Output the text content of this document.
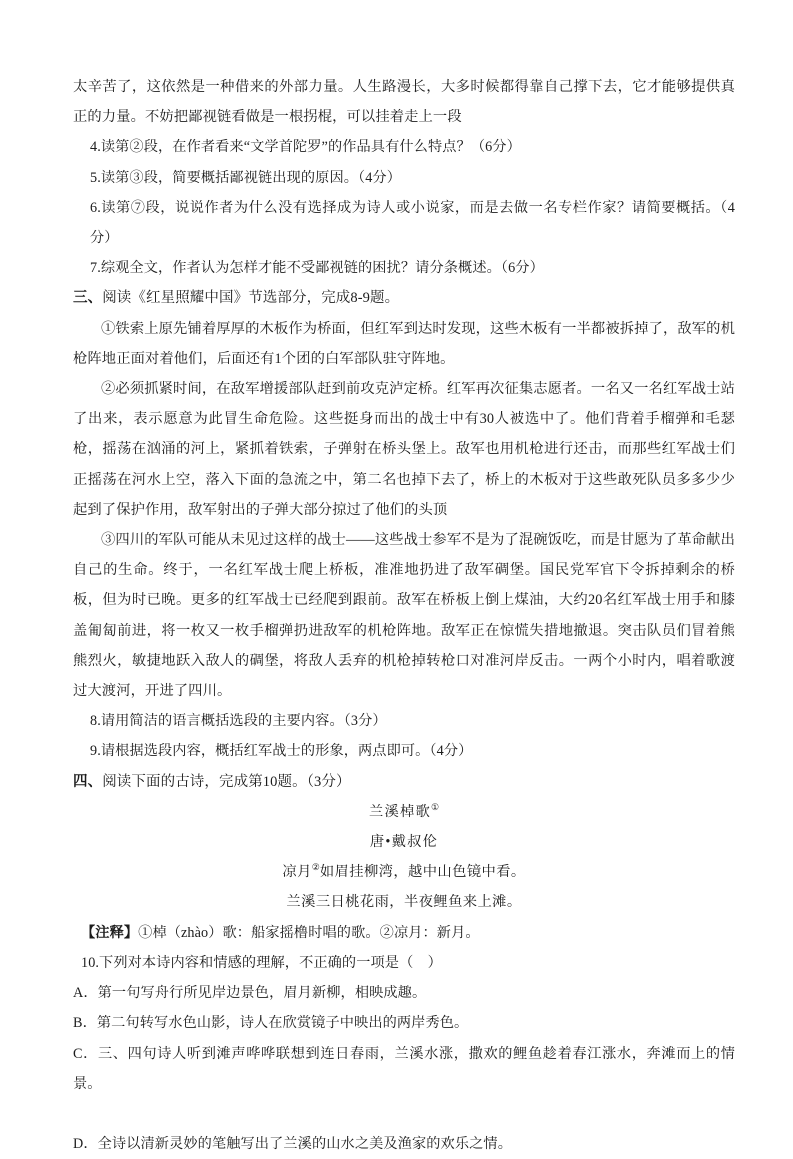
太辛苦了，这依然是一种借来的外部力量。人生路漫长，大多时候都得靠自己撑下去，它才能够提供真正的力量。不妨把鄙视链看做是一根拐棍，可以挂着走上一段

4.读第②段，在作者看来“文学首陀罗”的作品具有什么特点？（6分）

5.读第③段，简要概括鄙视链出现的原因。（4分）

6.读第⑦段，说说作者为什么没有选择成为诗人或小说家，而是去做一名专栏作家？请简要概括。（4分）

7.综观全文，作者认为怎样才能不受鄙视链的困扰？请分条概述。（6分）

三、阅读《红星照耀中国》节选部分，完成8-9题。

①铁索上原先铺着厚厚的木板作为桥面，但红军到达时发现，这些木板有一半都被拆掉了，敌军的机枪阵地正面对着他们，后面还有1个团的白军部队驻守阵地。

②必须抓紧时间，在敌军增援部队赶到前攻克泸定桥。红军再次征集志愿者。一名又一名红军战士站了出来，表示愿意为此冒生命危险。这些挺身而出的战士中有30人被选中了。他们背着手榴弹和毛瑟枪，摇荡在汹涌的河上，紧抓着铁索，子弹射在桥头堡上。敌军也用机枪进行还击，而那些红军战士们正摇荡在河水上空，落入下面的急流之中，第二名也掉下去了，桥上的木板对于这些敢死队员多多少少起到了保护作用，敌军射出的子弹大部分掠过了他们的头顶

③四川的军队可能从未见过这样的战士——这些战士参军不是为了混碗饭吃，而是甘愿为了革命献出自己的生命。终于，一名红军战士爬上桥板，准准地扔进了敌军碉堡。国民党军官下令拆掉剩余的桥板，但为时已晚。更多的红军战士已经爬到跟前。敌军在桥板上倒上煤油，大约20名红军战士用手和膝盖匍匐前进，将一枚又一枚手榴弹扔进敌军的机枪阵地。敌军正在惊慌失措地撤退。突击队员们冒着熊熊烈火，敏捷地跃入敌人的碉堡，将敌人丢弃的机枪掉转枪口对准河岸反击。一两个小时内，唱着歌渡过大渡河，开进了四川。

8.请用简洁的语言概括选段的主要内容。（3分）

9.请根据选段内容，概括红军战士的形象，两点即可。（4分）

四、阅读下面的古诗，完成第10题。（3分）

兰溪棹歌①

唐•戴叔伦

凉月②如眉挂柳湾，越中山色镜中看。

兰溪三日桃花雨，半夜鲤鱼来上滩。

【注释】①棹（zhào）歌：船家摇橹时唱的歌。②凉月：新月。

10.下列对本诗内容和情感的理解，不正确的一项是（　）

A．第一句写舟行所见岸边景色，眉月新柳，相映成趣。

B．第二句转写水色山影，诗人在欣赏镜子中映出的两岸秀色。

C．三、四句诗人听到滩声哗哗联想到连日春雨，兰溪水涨，撒欢的鲤鱼趁着春江涨水，奔滩而上的情景。

D．全诗以清新灵妙的笔触写出了兰溪的山水之美及渔家的欢乐之情。
